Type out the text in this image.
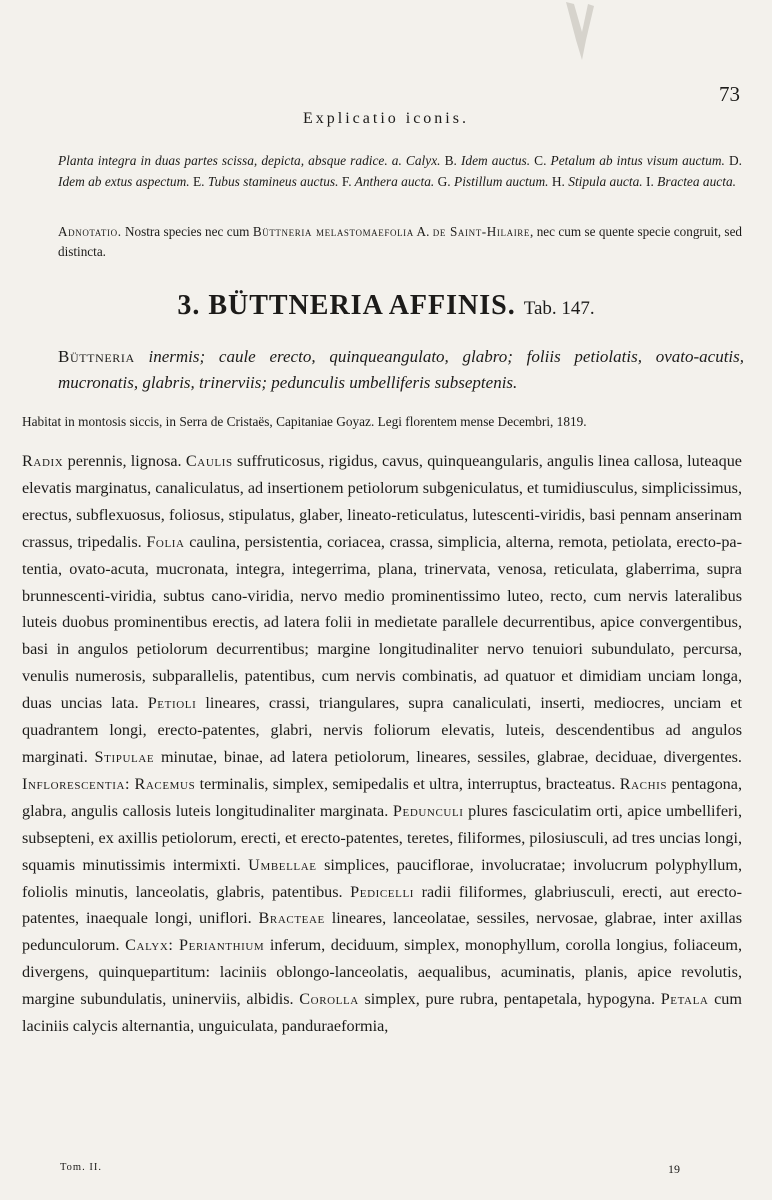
73
Explicatio iconis.
Planta integra in duas partes scissa, depicta, absque radice. a. Calyx. B. Idem auctus. C. Petalum ab intus visum auctum. D. Idem ab extus aspectum. E. Tubus stamineus auctus. F. Anthera aucta. G. Pistillum auctum. H. Stipula aucta. I. Bractea aucta.
Adnotatio. Nostra species nec cum Büttneria melastomaefolia A. de Saint-Hilaire, nec cum se quente specie congruit, sed distincta.
3. BÜTTNERIA AFFINIS. Tab. 147.
Büttneria inermis; caule erecto, quinqueangulato, glabro; foliis petiolatis, ovato-acutis, mucronatis, glabris, trinerviis; pedunculis umbelliferis subseptenis.
Habitat in montosis siccis, in Serra de Cristaës, Capitaniae Goyaz. Legi florentem mense Decembri, 1819.
Radix perennis, lignosa. Caulis suffruticosus, rigidus, cavus, quinqueangularis, angulis linea callosa, luteaque elevatis marginatus, canaliculatus, ad insertionem petiolorum subgeniculatus, et tumidiusculus, simplicissimus, erectus, subflexuosus, foliosus, stipulatus, glaber, lineato-reticulatus, lutescenti-viridis, basi pennam anserinam crassus, tripedalis. Folia caulina, persistentia, coriacea, crassa, simplicia, alterna, remota, petiolata, erecto-patentia, ovato-acuta, mucronata, integra, integerrima, plana, trinervata, venosa, reticulata, glaberrima, supra brunnescenti-viridia, subtus cano-viridia, nervo medio prominentissimo luteo, recto, cum nervis lateralibus luteis duobus prominentibus erectis, ad latera folii in medietate parallele decurrentibus, apice convergentibus, basi in angulos petiolorum decurrentibus; margine longitudinaliter nervo tenuiori subundulato, percursa, venulis numerosis, subparallelis, patentibus, cum nervis combinatis, ad quatuor et dimidiam unciam longa, duas uncias lata. Petioli lineares, crassi, triangulares, supra canaliculati, inserti, mediocres, unciam et quadrantem longi, erecto-patentes, glabri, nervis foliorum elevatis, luteis, descendentibus ad angulos marginati. Stipulae minutae, binae, ad latera petiolorum, lineares, sessiles, glabrae, deciduae, divergentes. Inflorescentia: Racemus terminalis, simplex, semipedalis et ultra, interruptus, bracteatus. Rachis pentagona, glabra, angulis callosis luteis longitudinaliter marginata. Pedunculi plures fasciculatim orti, apice umbelliferi, subsepteni, ex axillis petiolorum, erecti, et erecto-patentes, teretes, filiformes, pilosiusculi, ad tres uncias longi, squamis minutissimis intermixti. Umbellae simplices, pauciflorae, involucratae; involucrum polyphyllum, foliolis minutis, lanceolatis, glabris, patentibus. Pedicelli radii filiformes, glabriusculi, erecti, aut erecto-patentes, inaequale longi, uniflori. Bracteae lineares, lanceolatae, sessiles, nervosae, glabrae, inter axillas pedunculorum. Calyx: Perianthium inferum, deciduum, simplex, monophyllum, corolla longius, foliaceum, divergens, quinquepartitum: laciniis oblongo-lanceolatis, aequalibus, acuminatis, planis, apice revolutis, margine subundulatis, uninerviis, albidis. Corolla simplex, pure rubra, pentapetala, hypogyna. Petala cum laciniis calycis alternantia, unguiculata, panduraeformia,
Tom. II.	19
